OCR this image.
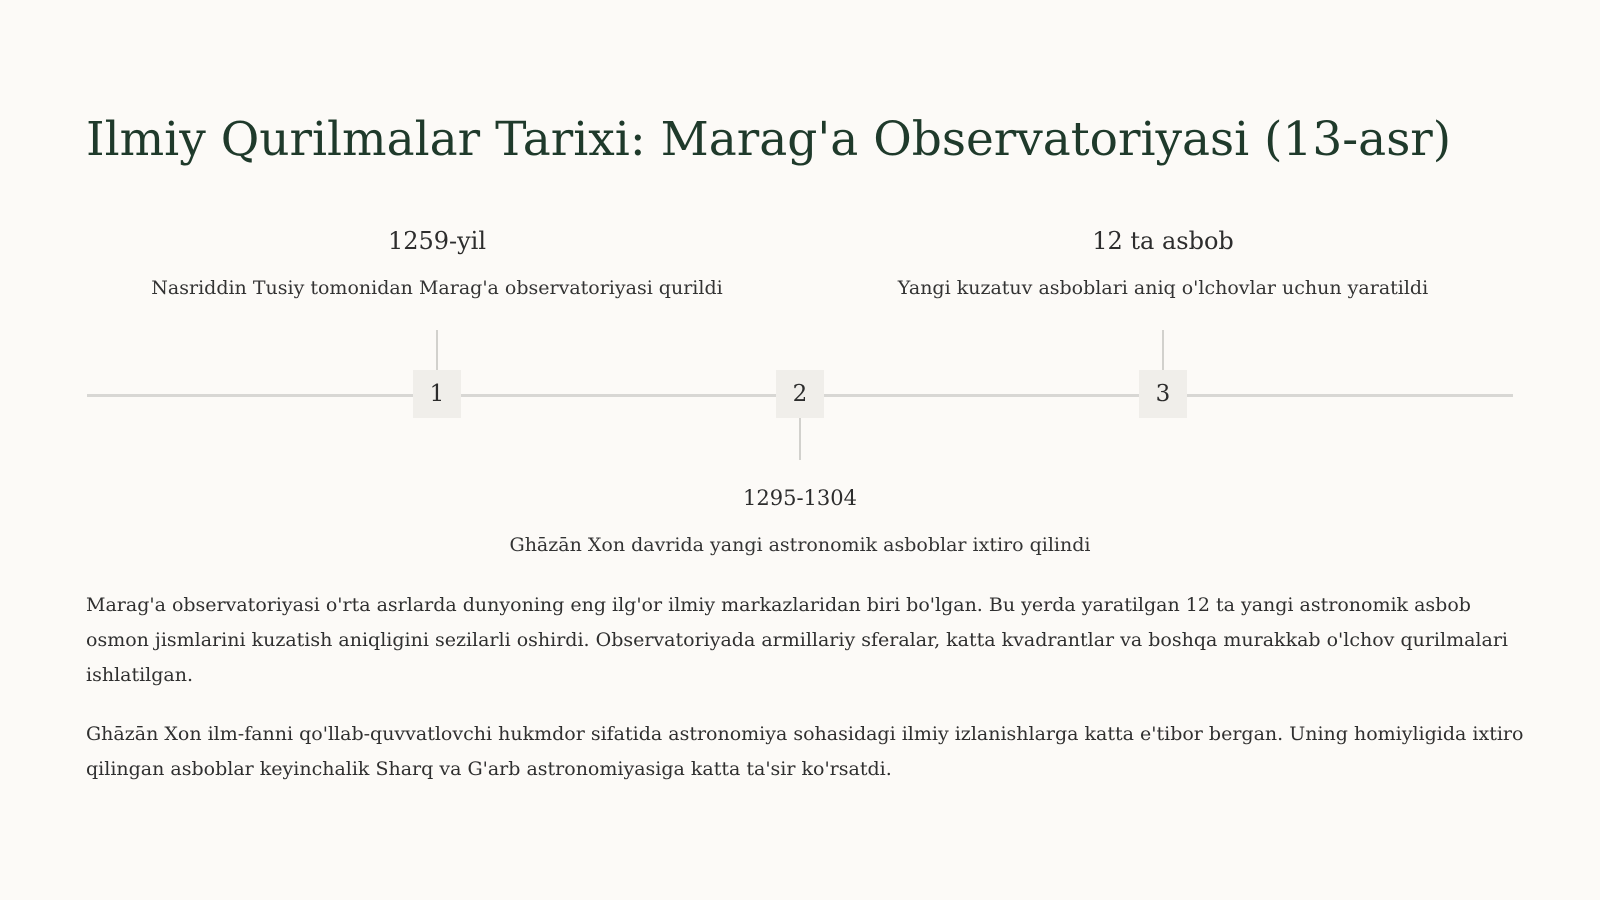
Ilmiy Qurilmalar Tarixi: Marag'a Observatoriyasi (13-asr)

1259-yil

Nasriddin Tusiy tomonidan Marag'a observatoriyasi qurildi

1	2

1295-1304

Ghāzān Xon davrida yangi astronomik asboblar ixtiro qilindi

12 ta asbob

Yangi kuzatuv asboblari aniq o'lchovlar uchun yaratildi

3

Marag'a observatoriyasi o'rta asrlarda dunyoning eng ilg'or ilmiy markazlaridan biri bo'lgan. Bu yerda yaratilgan 12 ta yangi astronomik asbob osmon jismlarini kuzatish aniqligini sezilarli oshirdi. Observatoriyada armillariy sferalar, katta kvadrantlar va boshqa murakkab o'lchov qurilmalari ishlatilgan.

Ghāzān Xon ilm-fanni qo'llab-quvvatlovchi hukmdor sifatida astronomiya sohasidagi ilmiy izlanishlarga katta e'tibor bergan. Uning homiyligida ixtiro qilingan asboblar keyinchalik Sharq va G'arb astronomiyasiga katta ta'sir ko'rsatdi.
